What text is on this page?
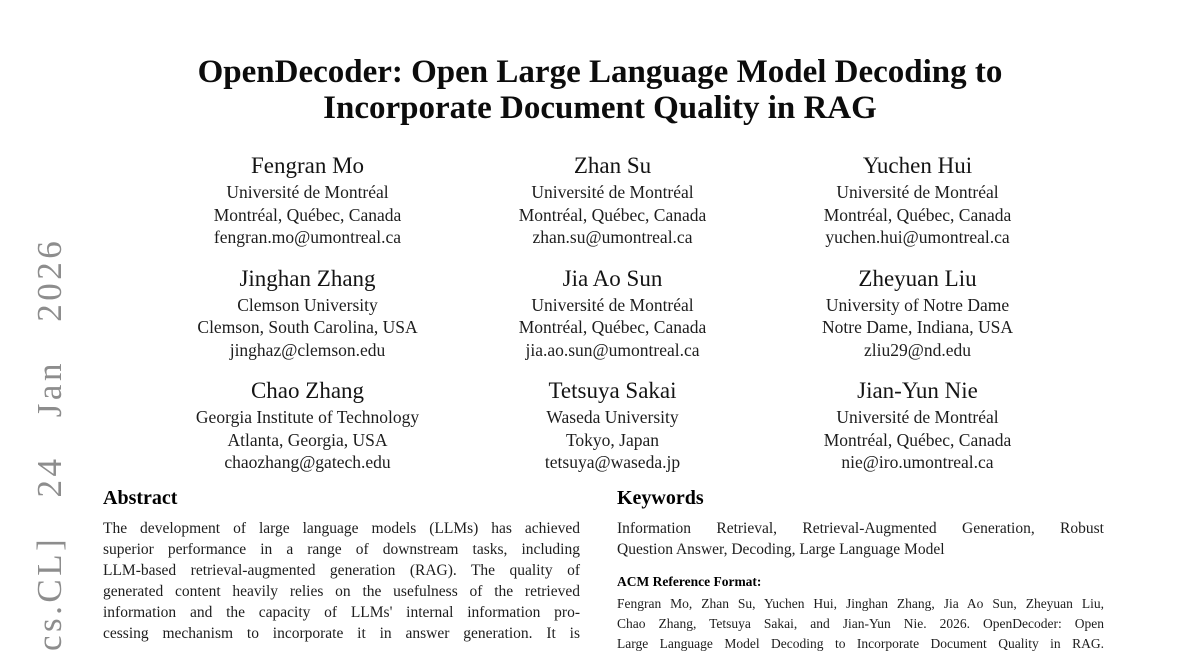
cs.CL] 24 Jan 2026
OpenDecoder: Open Large Language Model Decoding to
Incorporate Document Quality in RAG
Fengran Mo
Université de Montréal
Montréal, Québec, Canada
fengran.mo@umontreal.ca
Zhan Su
Université de Montréal
Montréal, Québec, Canada
zhan.su@umontreal.ca
Yuchen Hui
Université de Montréal
Montréal, Québec, Canada
yuchen.hui@umontreal.ca
Jinghan Zhang
Clemson University
Clemson, South Carolina, USA
jinghaz@clemson.edu
Jia Ao Sun
Université de Montréal
Montréal, Québec, Canada
jia.ao.sun@umontreal.ca
Zheyuan Liu
University of Notre Dame
Notre Dame, Indiana, USA
zliu29@nd.edu
Chao Zhang
Georgia Institute of Technology
Atlanta, Georgia, USA
chaozhang@gatech.edu
Tetsuya Sakai
Waseda University
Tokyo, Japan
tetsuya@waseda.jp
Jian-Yun Nie
Université de Montréal
Montréal, Québec, Canada
nie@iro.umontreal.ca
Abstract
The development of large language models (LLMs) has achieved
superior performance in a range of downstream tasks, including
LLM-based retrieval-augmented generation (RAG). The quality of
generated content heavily relies on the usefulness of the retrieved
information and the capacity of LLMs' internal information pro-
cessing mechanism to incorporate it in answer generation. It is
Keywords
Information Retrieval, Retrieval-Augmented Generation, Robust
Question Answer, Decoding, Large Language Model
ACM Reference Format:
Fengran Mo, Zhan Su, Yuchen Hui, Jinghan Zhang, Jia Ao Sun, Zheyuan Liu,
Chao Zhang, Tetsuya Sakai, and Jian-Yun Nie. 2026. OpenDecoder: Open
Large Language Model Decoding to Incorporate Document Quality in RAG.
